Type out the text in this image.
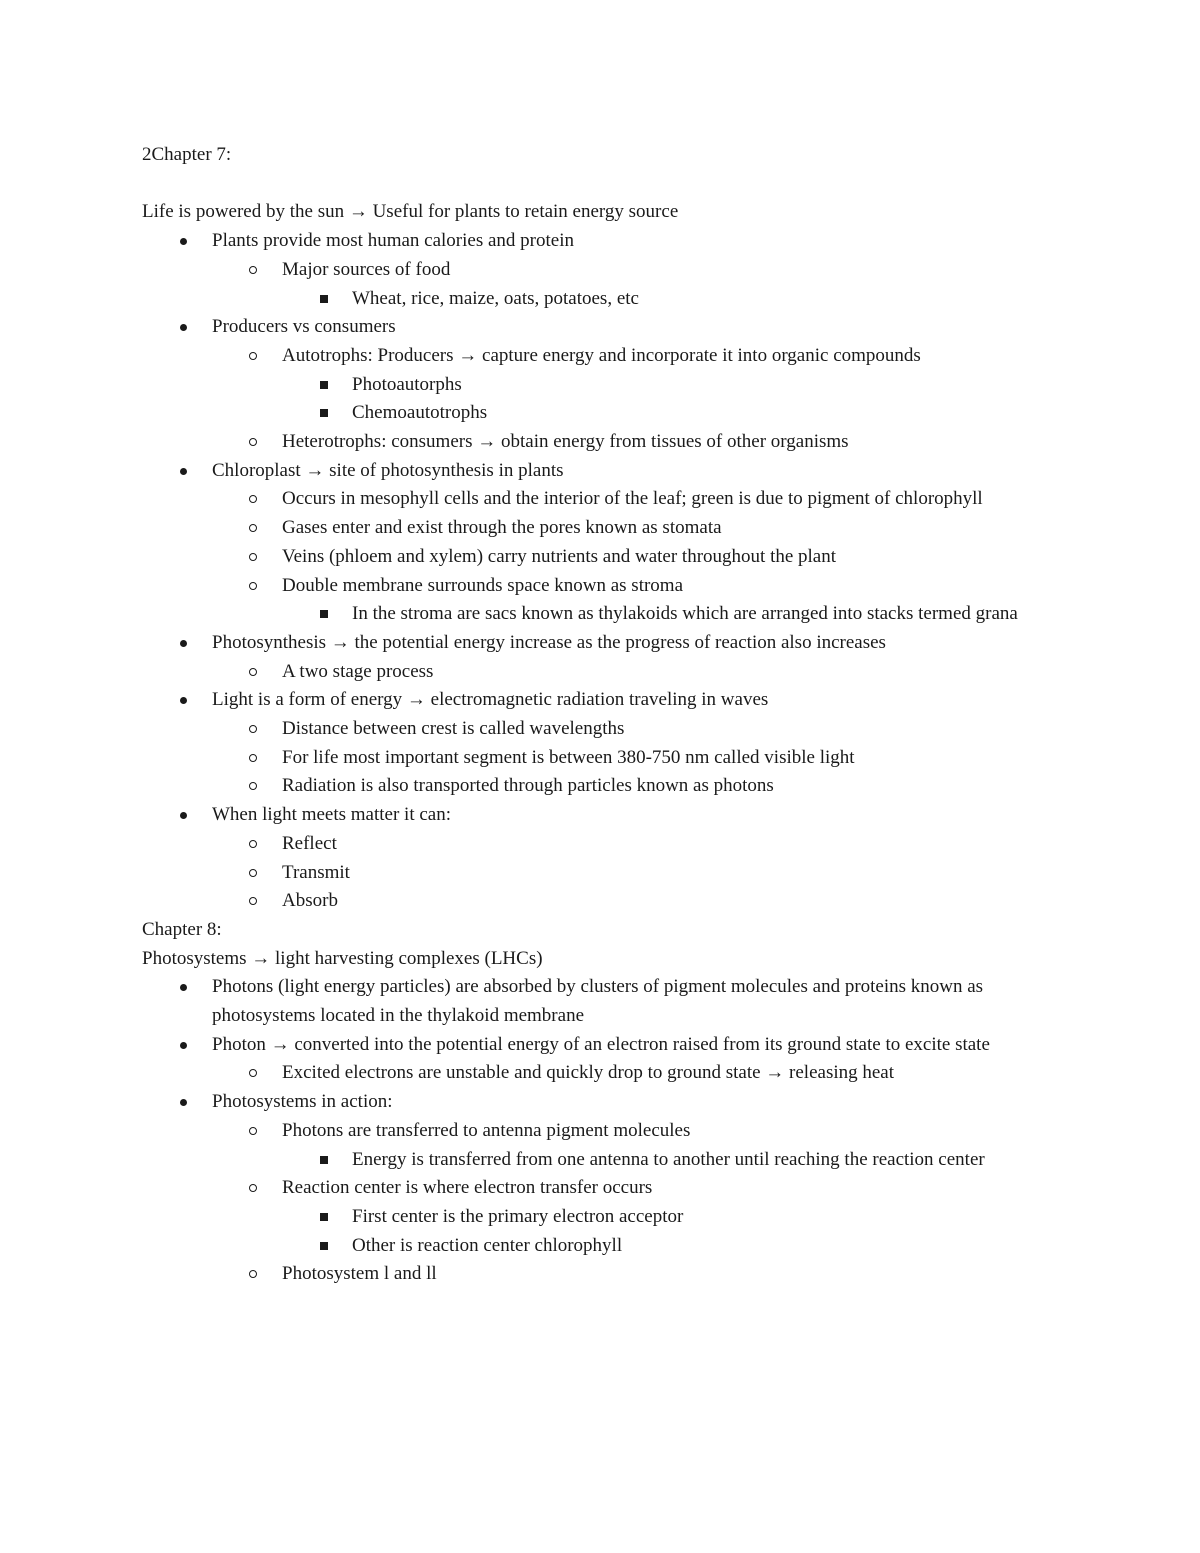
2Chapter 7:

Life is powered by the sun → Useful for plants to retain energy source

Plants provide most human calories and protein
Major sources of food
Wheat, rice, maize, oats, potatoes, etc
Producers vs consumers
Autotrophs: Producers → capture energy and incorporate it into organic compounds
Photoautorphs
Chemoautotrophs
Heterotrophs: consumers → obtain energy from tissues of other organisms
Chloroplast → site of photosynthesis in plants
Occurs in mesophyll cells and the interior of the leaf; green is due to pigment of chlorophyll
Gases enter and exist through the pores known as stomata
Veins (phloem and xylem) carry nutrients and water throughout the plant
Double membrane surrounds space known as stroma
In the stroma are sacs known as thylakoids which are arranged into stacks termed grana
Photosynthesis → the potential energy increase as the progress of reaction also increases
A two stage process
Light is a form of energy → electromagnetic radiation traveling in waves
Distance between crest is called wavelengths
For life most important segment is between 380-750 nm called visible light
Radiation is also transported through particles known as photons
When light meets matter it can:
Reflect
Transmit
Absorb

Chapter 8:

Photosystems → light harvesting complexes (LHCs)

Photons (light energy particles) are absorbed by clusters of pigment molecules and proteins known as photosystems located in the thylakoid membrane
Photon → converted into the potential energy of an electron raised from its ground state to excite state
Excited electrons are unstable and quickly drop to ground state → releasing heat
Photosystems in action:
Photons are transferred to antenna pigment molecules
Energy is transferred from one antenna to another until reaching the reaction center
Reaction center is where electron transfer occurs
First center is the primary electron acceptor
Other is reaction center chlorophyll
Photosystem l and ll
